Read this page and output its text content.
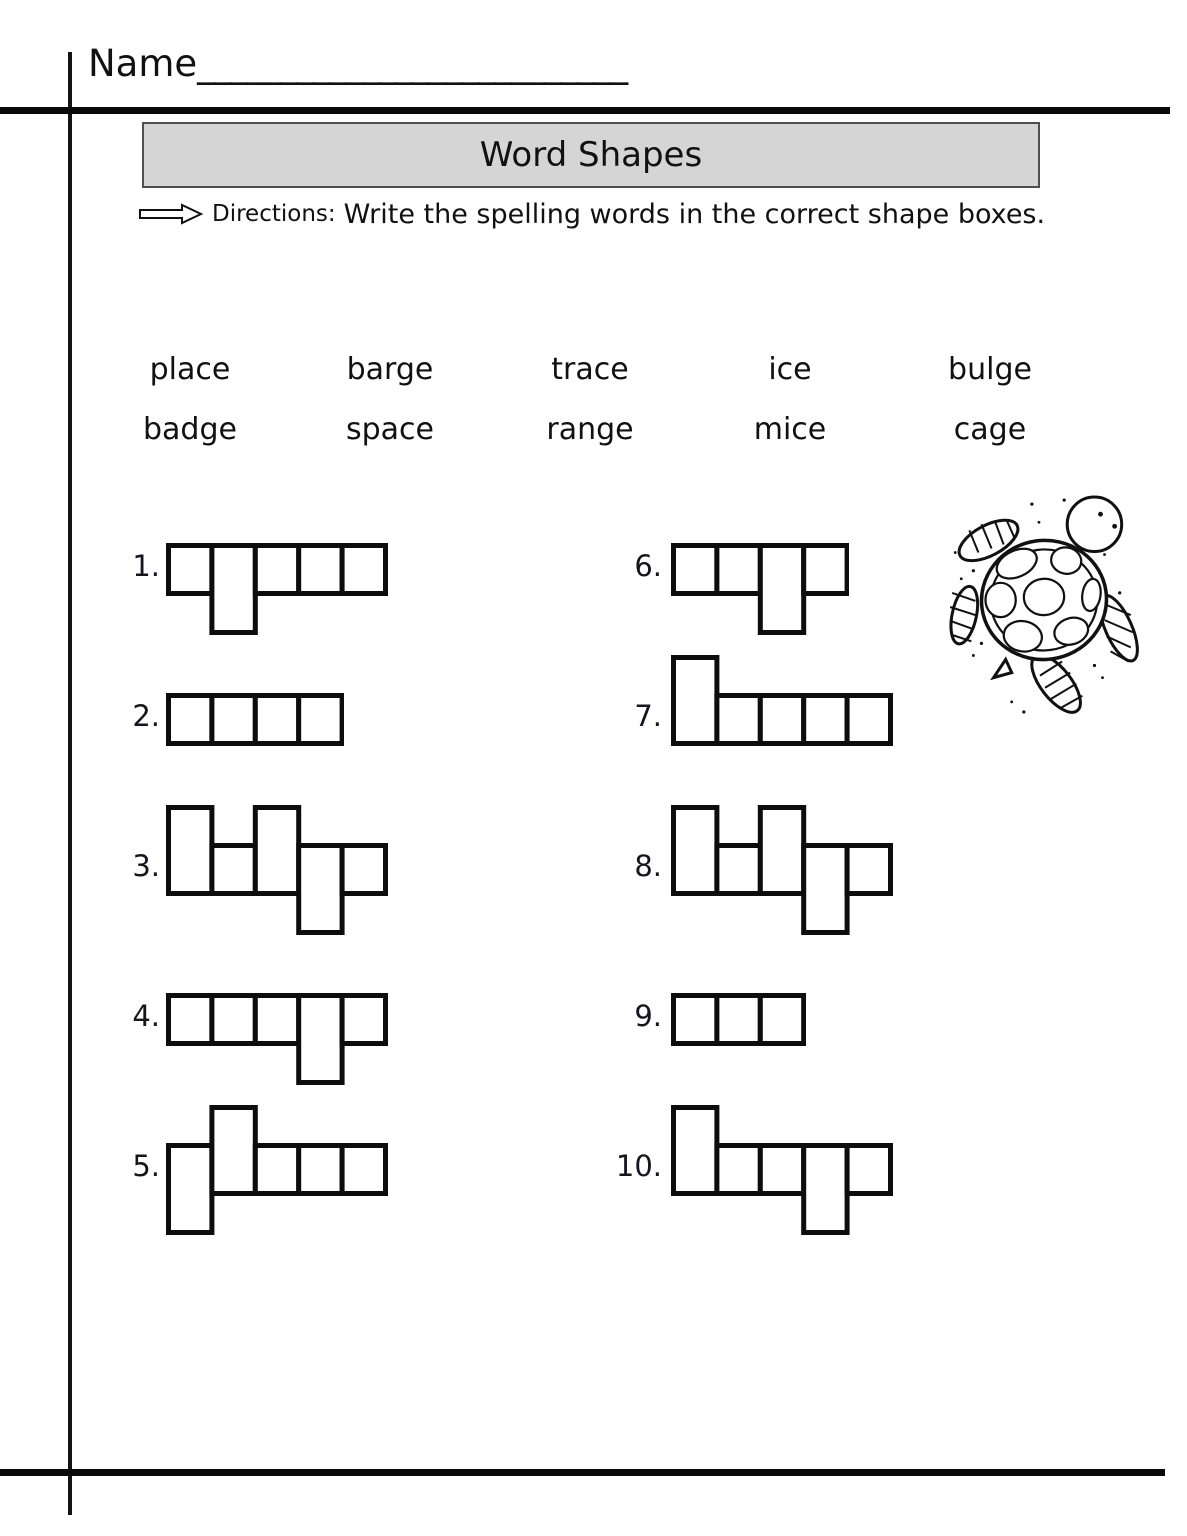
Name__________________________
Word Shapes
Directions: Write the spelling words in the correct shape boxes.
place	barge	trace	ice	bulge
badge	space	range	mice	cage
1.
2.
3.
4.
5.
6.
7.
8.
9.
10.
